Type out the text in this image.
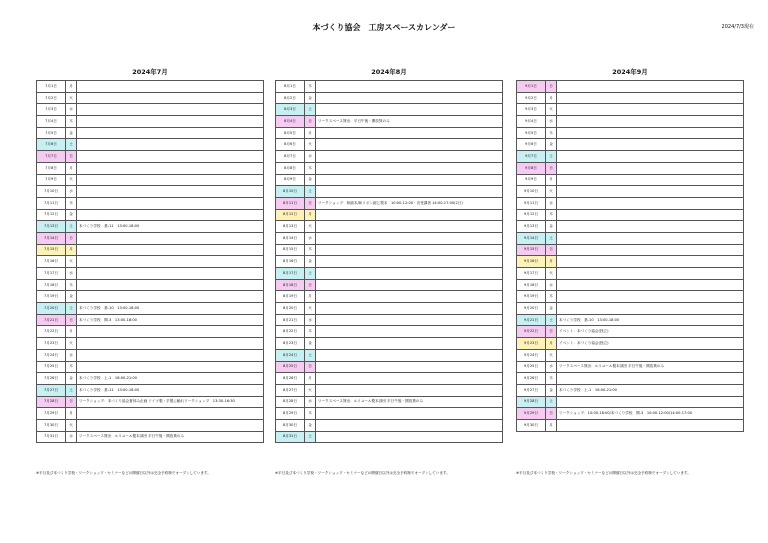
本づくり協会　工房スペースカレンダー	2024/7/3現在
2024年7月	2024年8月	2024年9月
7月1日	月	
7月2日	火	
7月3日	水	
7月4日	木	
7月5日	金	
7月6日	土	
7月7日	日	
7月8日	月	
7月9日	火	
7月10日	水	
7月11日	木	
7月12日	金	
7月13日	土	本づくり学校　基-11　13:00-18:00
7月14日	日	
7月15日	月	
7月16日	火	
7月17日	水	
7月18日	木	
7月19日	金	
7月20日	土	本づくり学校　基-10　13:00-18:00
7月21日	日	本づくり学校　開-3　13:00-18:00
7月22日	月	
7月23日	火	
7月24日	水	
7月25日	木	
7月26日	金	本づくり学校　上-1　18:00-21:00
7月27日	土	本づくり学校　基-11　13:00-18:00
7月28日	日	ワークショップ：本づくり協会夏休み企画 ドイツ製・手製に触れワークショップ　13:30-16:30
7月29日	月	
7月30日	火	
7月31日	水	ワークスペース貸出：ルリユール製本部団 平日午後・開放貸のみ
8月1日	木	
8月2日	金	
8月3日	土	
8月4日	日	ワークスペース貸出：平日午後・開放貸のみ
8月5日	月	
8月6日	火	
8月7日	水	
8月8日	木	
8月9日	金	
8月10日	土	
8月11日	日	ワークショップ：和綴本/和リボン綴じ製本　10:00-12:00・各受講者 14:00-17:00(2日)
8月12日	月	
8月13日	火	
8月14日	水	
8月15日	木	
8月16日	金	
8月17日	土	
8月18日	日	
8月19日	月	
8月20日	火	
8月21日	水	
8月22日	木	
8月23日	金	
8月24日	土	
8月25日	日	
8月26日	月	
8月27日	火	
8月28日	水	ワークスペース貸出：ルリユール製本部団 平日午後・開放貸のみ
8月29日	木	
8月30日	金	
8月31日	土	
9月1日	日	
9月2日	月	
9月3日	火	
9月4日	水	
9月5日	木	
9月6日	金	
9月7日	土	
9月8日	日	
9月9日	月	
9月10日	火	
9月11日	水	
9月12日	木	
9月13日	金	
9月14日	土	
9月15日	日	
9月16日	月	
9月17日	火	
9月18日	水	
9月19日	木	
9月20日	金	
9月21日	土	本づくり学校　基-10　13:00-18:00
9月22日	日	イベント：本づくり協会(独立)
9月23日	月	イベント：本づくり協会(独立)
9月24日	火	
9月25日	水	ワークスペース貸出：ルリユール製本部団 平日午後・開放貸のみ
9月26日	木	
9月27日	金	本づくり学校　上-1　18:00-21:00
9月28日	土	
9月29日	日	ワークショップ：10:00-18:00/本づくり学校　開-3　10:00-12:00/14:00-17:00
9月30日	月	
※平日及び本づくり学校・ワークショップ・セミナーなどの開催日以外は完全予約制でオープンしています。	※平日及び本づくり学校・ワークショップ・セミナーなどの開催日以外は完全予約制でオープンしています。	※平日及び本づくり学校・ワークショップ・セミナーなどの開催日以外は完全予約制でオープンしています。
